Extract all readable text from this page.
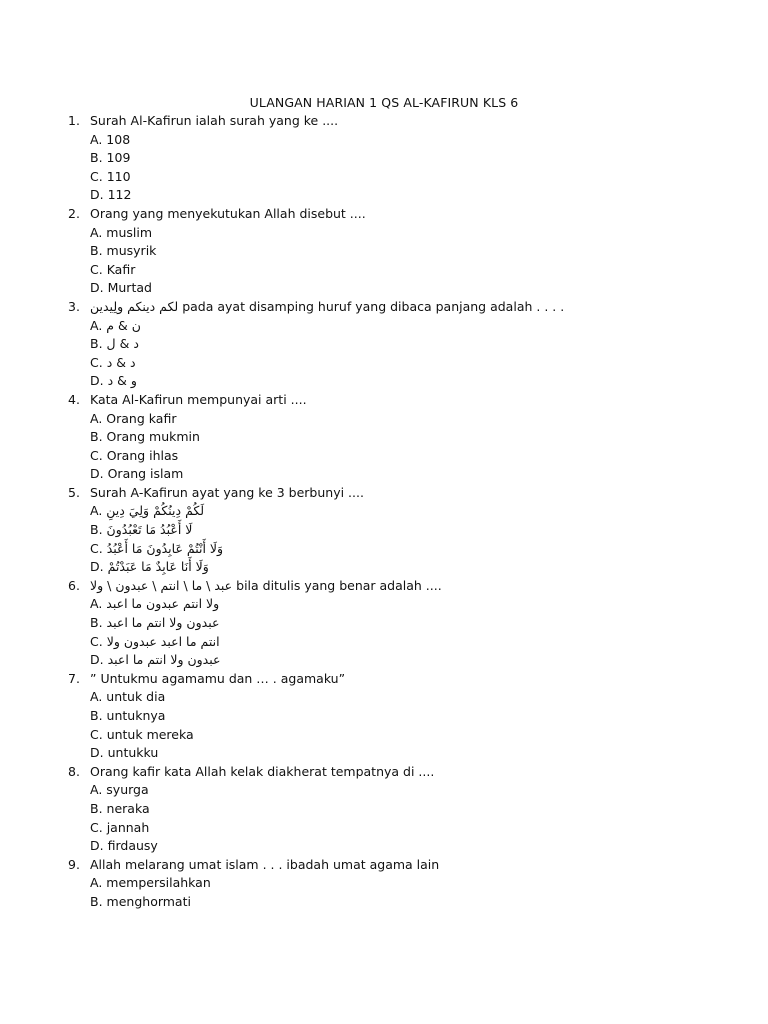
ULANGAN HARIAN 1 QS AL-KAFIRUN KLS 6
1. Surah Al-Kafirun ialah surah yang ke ....
A. 108
B. 109
C. 110
D. 112
2. Orang yang menyekutukan Allah disebut ....
A. muslim
B. musyrik
C. Kafir
D. Murtad
3. لكم دينكم ولِيدين pada ayat disamping huruf yang dibaca panjang adalah . . . .
A. ن & م
B. د & ل
C. د & د
D. و & د
4. Kata Al-Kafirun mempunyai arti ....
A. Orang kafir
B. Orang mukmin
C. Orang ihlas
D. Orang islam
5. Surah A-Kafirun ayat yang ke 3 berbunyi ....
A. لَكُمْ دِينُكُمْ وَلِيَ دِينِ
B. لَا أَعْبُدُ مَا تَعْبُدُونَ
C. وَلَا أَنْتُمْ عَابِدُونَ مَا أَعْبُدُ
D. وَلَا أَنَا عَابِدٌ مَا عَبَدْتُمْ
6. عبد \ ما \ انتم \ عبدون \ ولا bila ditulis yang benar adalah ....
A. ولا انتم عبدون ما اعبد
B. عبدون ولا انتم ما اعبد
C. انتم ما اعبد عبدون ولا
D. عبدون ولا انتم ما اعبد
7. ” Untukmu agamamu dan … . agamaku”
A. untuk dia
B. untuknya
C. untuk mereka
D. untukku
8. Orang kafir kata Allah kelak diakherat tempatnya di ....
A. syurga
B. neraka
C. jannah
D. firdausy
9. Allah melarang umat islam . . . ibadah umat agama lain
A. mempersilahkan
B. menghormati
